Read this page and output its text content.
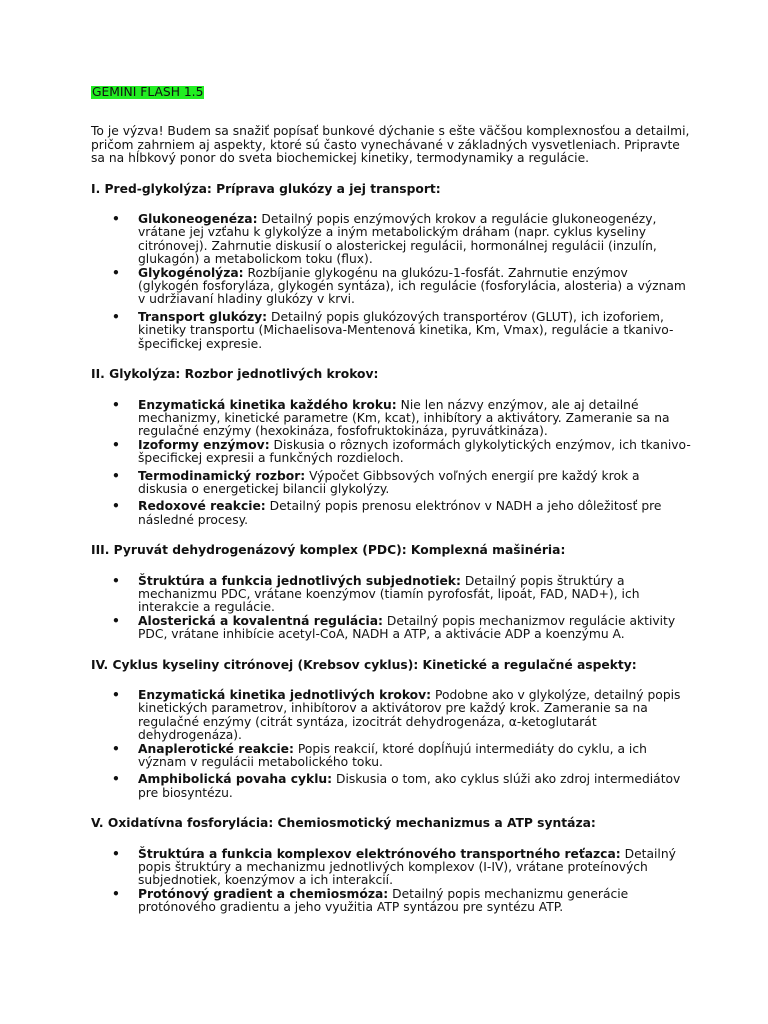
GEMINI FLASH 1.5
To je výzva! Budem sa snažiť popísať bunkové dýchanie s ešte väčšou komplexnosťou a detailmi, pričom zahrniem aj aspekty, ktoré sú často vynechávané v základných vysvetleniach. Pripravte sa na hĺbkový ponor do sveta biochemickej kinetiky, termodynamiky a regulácie.
I. Pred-glykolýza: Príprava glukózy a jej transport:
• Glukoneogenéza: Detailný popis enzýmových krokov a regulácie glukoneogenézy, vrátane jej vzťahu k glykolýze a iným metabolickým dráham (napr. cyklus kyseliny citrónovej). Zahrnutie diskusií o alosterickej regulácii, hormonálnej regulácii (inzulín, glukagón) a metabolickom toku (flux).
• Glykogénolýza: Rozbíjanie glykogénu na glukózu-1-fosfát. Zahrnutie enzýmov (glykogén fosforyláza, glykogén syntáza), ich regulácie (fosforylácia, alosteria) a význam v udržiavaní hladiny glukózy v krvi.
• Transport glukózy: Detailný popis glukózových transportérov (GLUT), ich izoforiem, kinetiky transportu (Michaelisova-Mentenová kinetika, Km, Vmax), regulácie a tkanivo-špecifickej expresie.
II. Glykolýza: Rozbor jednotlivých krokov:
• Enzymatická kinetika každého kroku: Nie len názvy enzýmov, ale aj detailné mechanizmy, kinetické parametre (Km, kcat), inhibítory a aktivátory. Zameranie sa na regulačné enzýmy (hexokináza, fosfofruktokináza, pyruvátkináza).
• Izoformy enzýmov: Diskusia o rôznych izoformách glykolytických enzýmov, ich tkanivo-špecifickej expresii a funkčných rozdieloch.
• Termodinamický rozbor: Výpočet Gibbsových voľných energií pre každý krok a diskusia o energetickej bilancii glykolýzy.
• Redoxové reakcie: Detailný popis prenosu elektrónov v NADH a jeho dôležitosť pre následné procesy.
III. Pyruvát dehydrogenázový komplex (PDC): Komplexná mašinéria:
• Štruktúra a funkcia jednotlivých subjednotiek: Detailný popis štruktúry a mechanizmu PDC, vrátane koenzýmov (tiamín pyrofosfát, lipoát, FAD, NAD+), ich interakcie a regulácie.
• Alosterická a kovalentná regulácia: Detailný popis mechanizmov regulácie aktivity PDC, vrátane inhibície acetyl-CoA, NADH a ATP, a aktivácie ADP a koenzýmu A.
IV. Cyklus kyseliny citrónovej (Krebsov cyklus): Kinetické a regulačné aspekty:
• Enzymatická kinetika jednotlivých krokov: Podobne ako v glykolýze, detailný popis kinetických parametrov, inhibítorov a aktivátorov pre každý krok. Zameranie sa na regulačné enzýmy (citrát syntáza, izocitrát dehydrogenáza, α-ketoglutarát dehydrogenáza).
• Anaplerotické reakcie: Popis reakcií, ktoré dopĺňujú intermediáty do cyklu, a ich význam v regulácii metabolického toku.
• Amphibolická povaha cyklu: Diskusia o tom, ako cyklus slúži ako zdroj intermediátov pre biosyntézu.
V. Oxidatívna fosforylácia: Chemiosmotický mechanizmus a ATP syntáza:
• Štruktúra a funkcia komplexov elektrónového transportného reťazca: Detailný popis štruktúry a mechanizmu jednotlivých komplexov (I-IV), vrátane proteínových subjednotiek, koenzýmov a ich interakcií.
• Protónový gradient a chemiosmóza: Detailný popis mechanizmu generácie protónového gradientu a jeho využitia ATP syntázou pre syntézu ATP.
